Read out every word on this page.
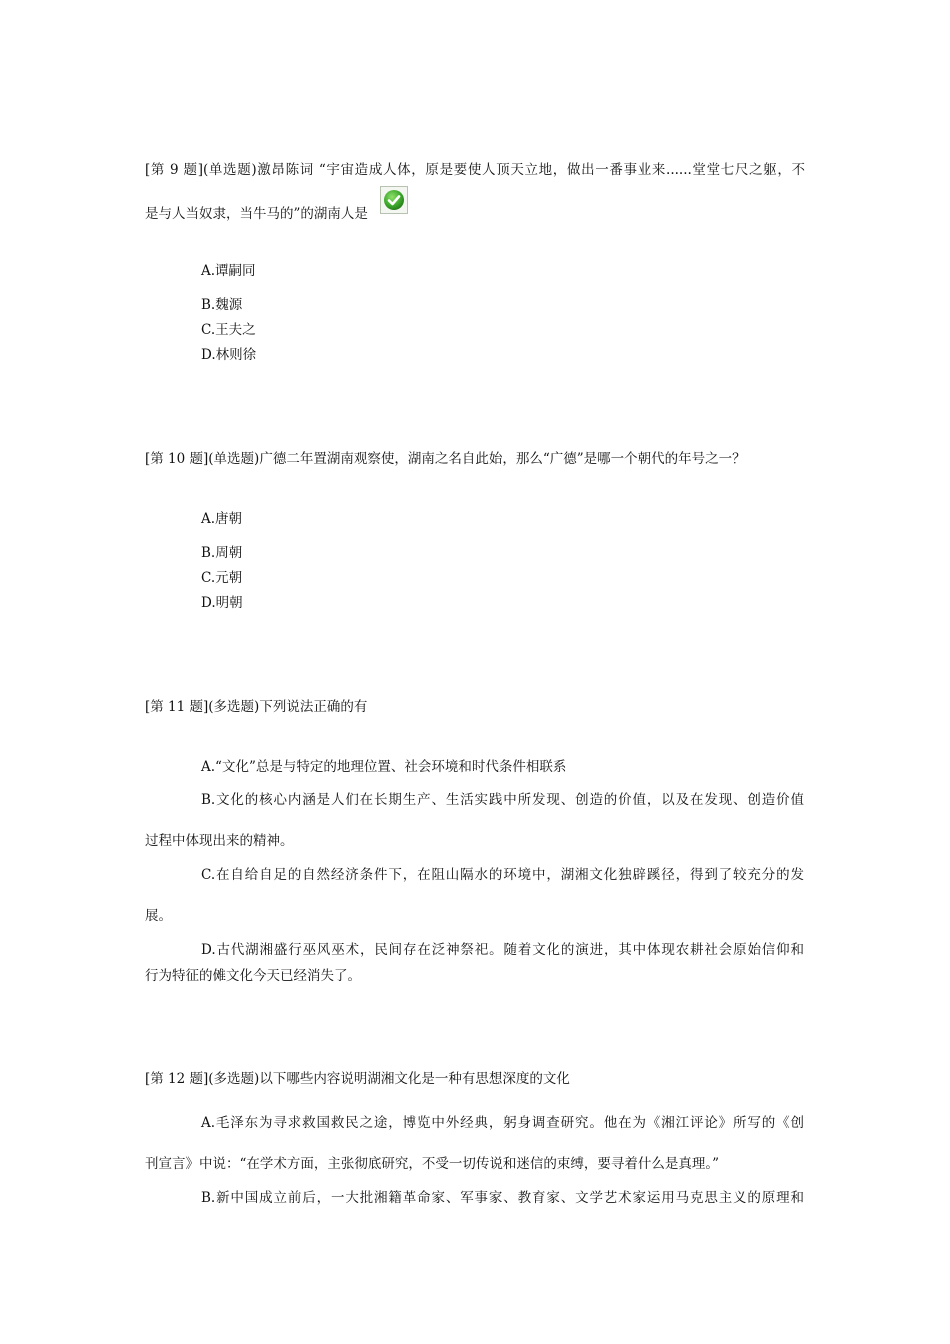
[第 9 题](单选题)激昂陈词 “宇宙造成人体，原是要使人顶天立地，做出一番事业来......堂堂七尺之躯，不
是与人当奴隶，当牛马的”的湖南人是
A.谭嗣同
B.魏源
C.王夫之
D.林则徐
[第 10 题](单选题)广德二年置湖南观察使，湖南之名自此始，那么“广德”是哪一个朝代的年号之一？
A.唐朝
B.周朝
C.元朝
D.明朝
[第 11 题](多选题)下列说法正确的有
A.“文化”总是与特定的地理位置、社会环境和时代条件相联系
B.文化的核心内涵是人们在长期生产、生活实践中所发现、创造的价值，以及在发现、创造价值
过程中体现出来的精神。
C.在自给自足的自然经济条件下，在阻山隔水的环境中，湖湘文化独辟蹊径，得到了较充分的发
展。
D.古代湖湘盛行巫风巫术，民间存在泛神祭祀。随着文化的演进，其中体现农耕社会原始信仰和
行为特征的傩文化今天已经消失了。
[第 12 题](多选题)以下哪些内容说明湖湘文化是一种有思想深度的文化
A.毛泽东为寻求救国救民之途，博览中外经典，躬身调查研究。他在为《湘江评论》所写的《创
刊宣言》中说：“在学术方面，主张彻底研究，不受一切传说和迷信的束缚，要寻着什么是真理。”
B.新中国成立前后，一大批湘籍革命家、军事家、教育家、文学艺术家运用马克思主义的原理和
